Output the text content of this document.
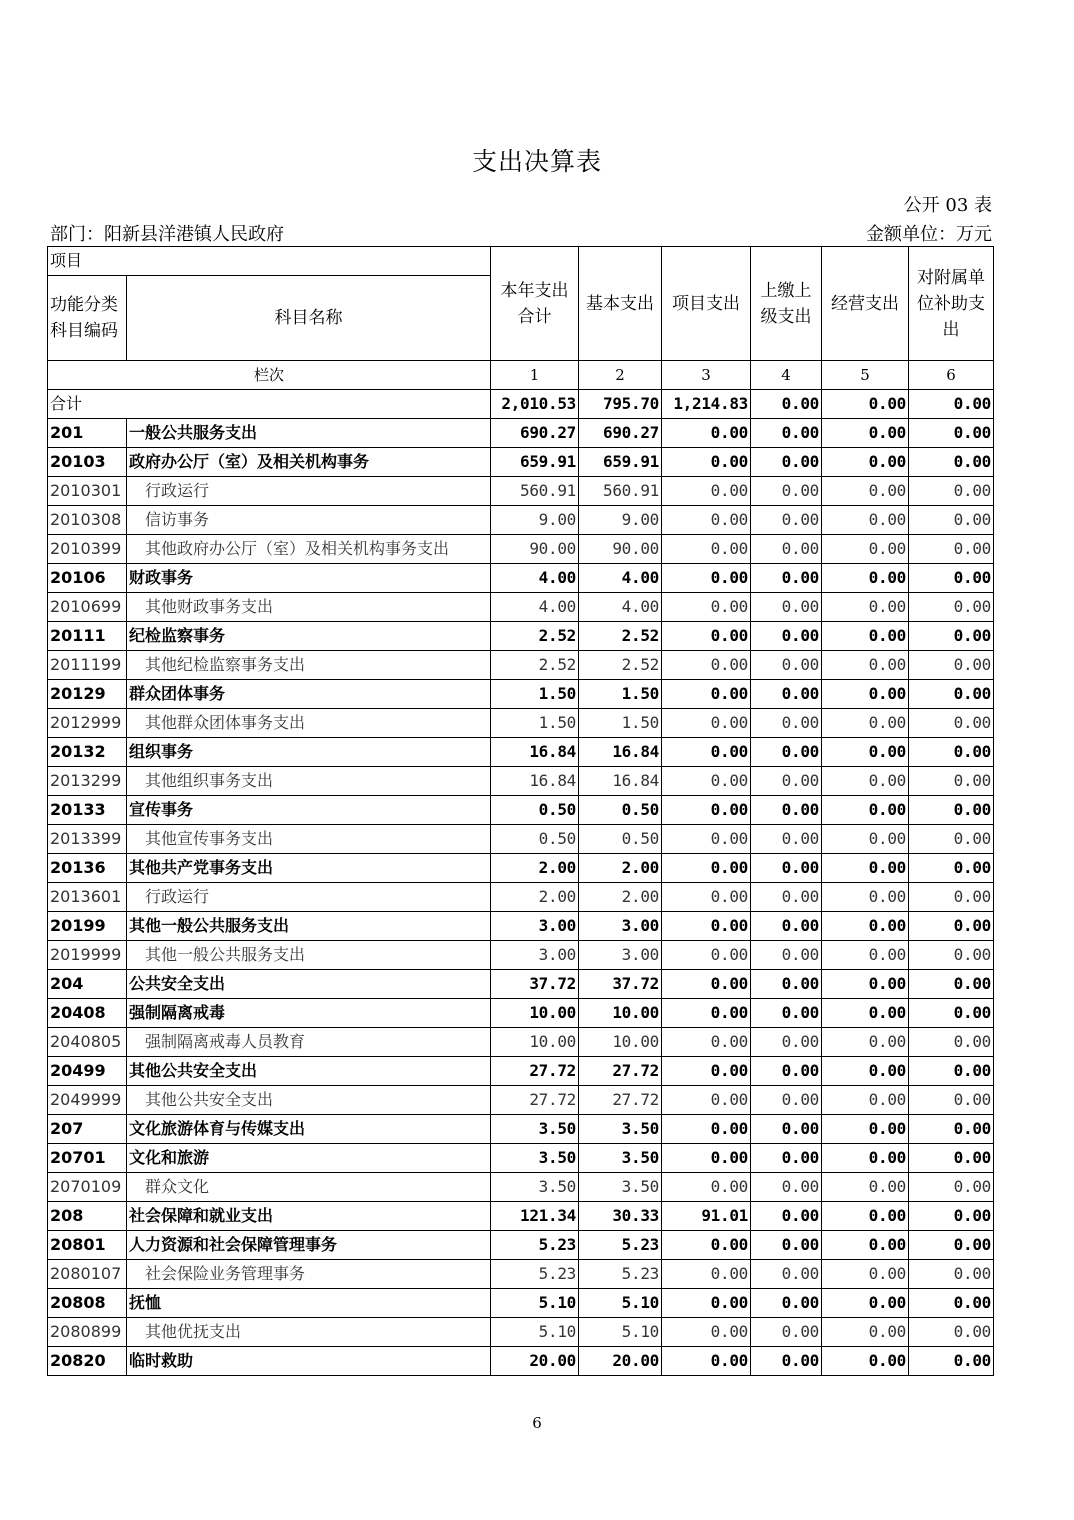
支出决算表
公开 03 表
部门：阳新县洋港镇人民政府	金额单位：万元
项目		本年支出合计	基本支出	项目支出	上缴上级支出	经营支出	对附属单位补助支出
功能分类科目编码	科目名称						
栏次		1	2	3	4	5	6
合计		2,010.53	795.70	1,214.83	0.00	0.00	0.00
201	一般公共服务支出	690.27	690.27	0.00	0.00	0.00	0.00
20103	政府办公厅（室）及相关机构事务	659.91	659.91	0.00	0.00	0.00	0.00
2010301	行政运行	560.91	560.91	0.00	0.00	0.00	0.00
2010308	信访事务	9.00	9.00	0.00	0.00	0.00	0.00
2010399	其他政府办公厅（室）及相关机构事务支出	90.00	90.00	0.00	0.00	0.00	0.00
20106	财政事务	4.00	4.00	0.00	0.00	0.00	0.00
2010699	其他财政事务支出	4.00	4.00	0.00	0.00	0.00	0.00
20111	纪检监察事务	2.52	2.52	0.00	0.00	0.00	0.00
2011199	其他纪检监察事务支出	2.52	2.52	0.00	0.00	0.00	0.00
20129	群众团体事务	1.50	1.50	0.00	0.00	0.00	0.00
2012999	其他群众团体事务支出	1.50	1.50	0.00	0.00	0.00	0.00
20132	组织事务	16.84	16.84	0.00	0.00	0.00	0.00
2013299	其他组织事务支出	16.84	16.84	0.00	0.00	0.00	0.00
20133	宣传事务	0.50	0.50	0.00	0.00	0.00	0.00
2013399	其他宣传事务支出	0.50	0.50	0.00	0.00	0.00	0.00
20136	其他共产党事务支出	2.00	2.00	0.00	0.00	0.00	0.00
2013601	行政运行	2.00	2.00	0.00	0.00	0.00	0.00
20199	其他一般公共服务支出	3.00	3.00	0.00	0.00	0.00	0.00
2019999	其他一般公共服务支出	3.00	3.00	0.00	0.00	0.00	0.00
204	公共安全支出	37.72	37.72	0.00	0.00	0.00	0.00
20408	强制隔离戒毒	10.00	10.00	0.00	0.00	0.00	0.00
2040805	强制隔离戒毒人员教育	10.00	10.00	0.00	0.00	0.00	0.00
20499	其他公共安全支出	27.72	27.72	0.00	0.00	0.00	0.00
2049999	其他公共安全支出	27.72	27.72	0.00	0.00	0.00	0.00
207	文化旅游体育与传媒支出	3.50	3.50	0.00	0.00	0.00	0.00
20701	文化和旅游	3.50	3.50	0.00	0.00	0.00	0.00
2070109	群众文化	3.50	3.50	0.00	0.00	0.00	0.00
208	社会保障和就业支出	121.34	30.33	91.01	0.00	0.00	0.00
20801	人力资源和社会保障管理事务	5.23	5.23	0.00	0.00	0.00	0.00
2080107	社会保险业务管理事务	5.23	5.23	0.00	0.00	0.00	0.00
20808	抚恤	5.10	5.10	0.00	0.00	0.00	0.00
2080899	其他优抚支出	5.10	5.10	0.00	0.00	0.00	0.00
20820	临时救助	20.00	20.00	0.00	0.00	0.00	0.00
6
